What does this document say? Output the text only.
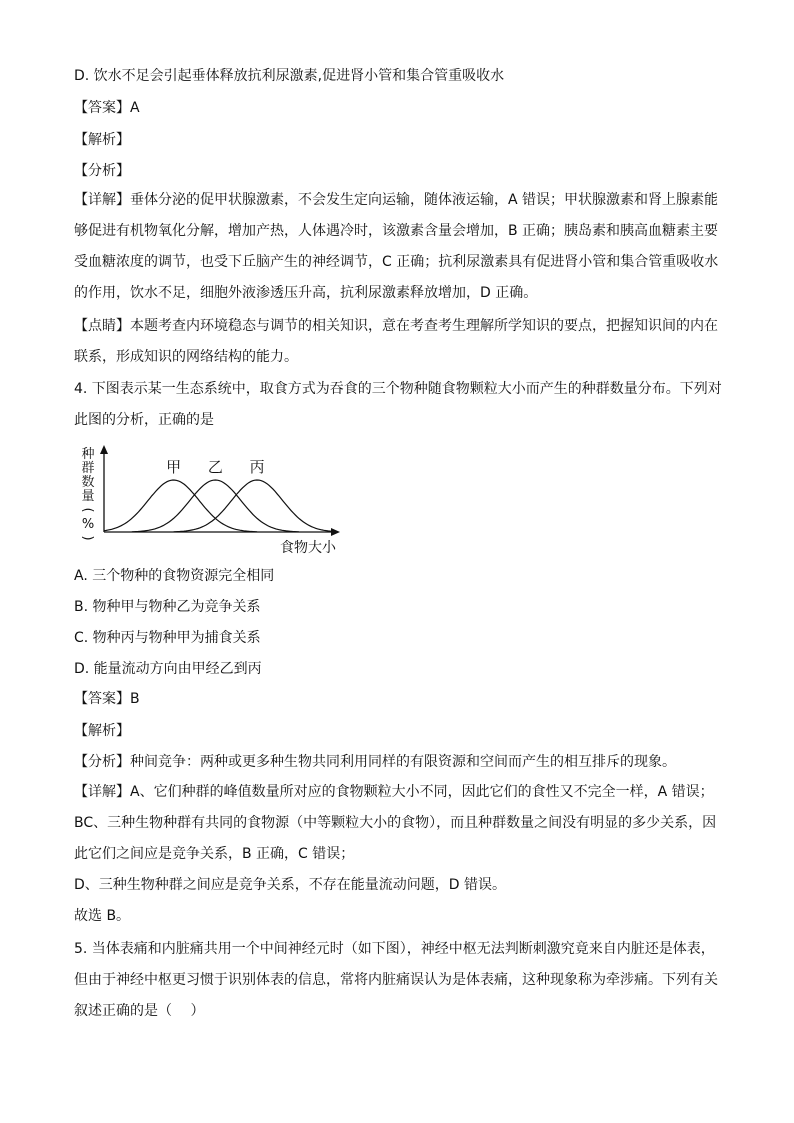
D. 饮水不足会引起垂体释放抗利尿激素,促进肾小管和集合管重吸收水
【答案】A
【解析】
【分析】

【详解】垂体分泌的促甲状腺激素，不会发生定向运输，随体液运输，A 错误；甲状腺激素和肾上腺素能

够促进有机物氧化分解，增加产热，人体遇冷时，该激素含量会增加，B 正确；胰岛素和胰高血糖素主要

受血糖浓度的调节，也受下丘脑产生的神经调节，C 正确；抗利尿激素具有促进肾小管和集合管重吸收水

的作用，饮水不足，细胞外液渗透压升高，抗利尿激素释放增加，D 正确。

【点睛】本题考查内环境稳态与调节的相关知识，意在考查考生理解所学知识的要点，把握知识间的内在

联系，形成知识的网络结构的能力。

4. 下图表示某一生态系统中，取食方式为吞食的三个物种随食物颗粒大小而产生的种群数量分布。下列对

此图的分析，正确的是

种
群
数
量
(
%
)
食物大小
甲 乙 丙

A. 三个物种的食物资源完全相同

B. 物种甲与物种乙为竞争关系

C. 物种丙与物种甲为捕食关系

D. 能量流动方向由甲经乙到丙

【答案】B
【解析】
【分析】种间竞争：两种或更多种生物共同利用同样的有限资源和空间而产生的相互排斥的现象。

【详解】A、它们种群的峰值数量所对应的食物颗粒大小不同，因此它们的食性又不完全一样，A 错误；

BC、三种生物种群有共同的食物源（中等颗粒大小的食物），而且种群数量之间没有明显的多少关系，因

此它们之间应是竞争关系，B 正确，C 错误；

D、三种生物种群之间应是竞争关系，不存在能量流动问题，D 错误。

故选 B。

5. 当体表痛和内脏痛共用一个中间神经元时（如下图），神经中枢无法判断刺激究竟来自内脏还是体表，

但由于神经中枢更习惯于识别体表的信息，常将内脏痛误认为是体表痛，这种现象称为牵涉痛。下列有关

叙述正确的是（　 ）
